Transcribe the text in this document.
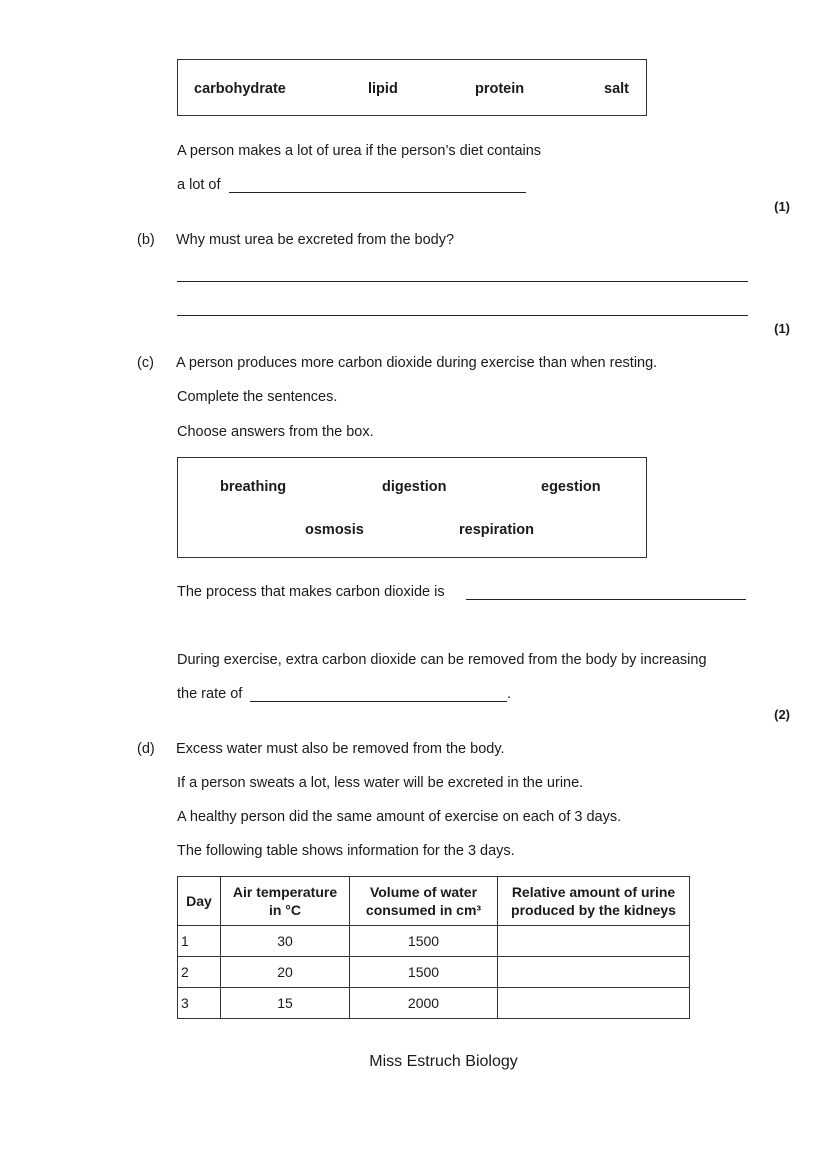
carbohydrate	lipid	protein	salt
A person makes a lot of urea if the person’s diet contains
a lot of
(1)
(b) Why must urea be excreted from the body?
(1)
(c) A person produces more carbon dioxide during exercise than when resting.
Complete the sentences.
Choose answers from the box.
breathing	digestion	egestion
osmosis	respiration
The process that makes carbon dioxide is
During exercise, extra carbon dioxide can be removed from the body by increasing
the rate of	.
(2)
(d) Excess water must also be removed from the body.
If a person sweats a lot, less water will be excreted in the urine.
A healthy person did the same amount of exercise on each of 3 days.
The following table shows information for the 3 days.
Day	Air temperature in °C	Volume of water consumed in cm³	Relative amount of urine produced by the kidneys
1	30	1500	
2	20	1500	
3	15	2000	
Miss Estruch Biology
